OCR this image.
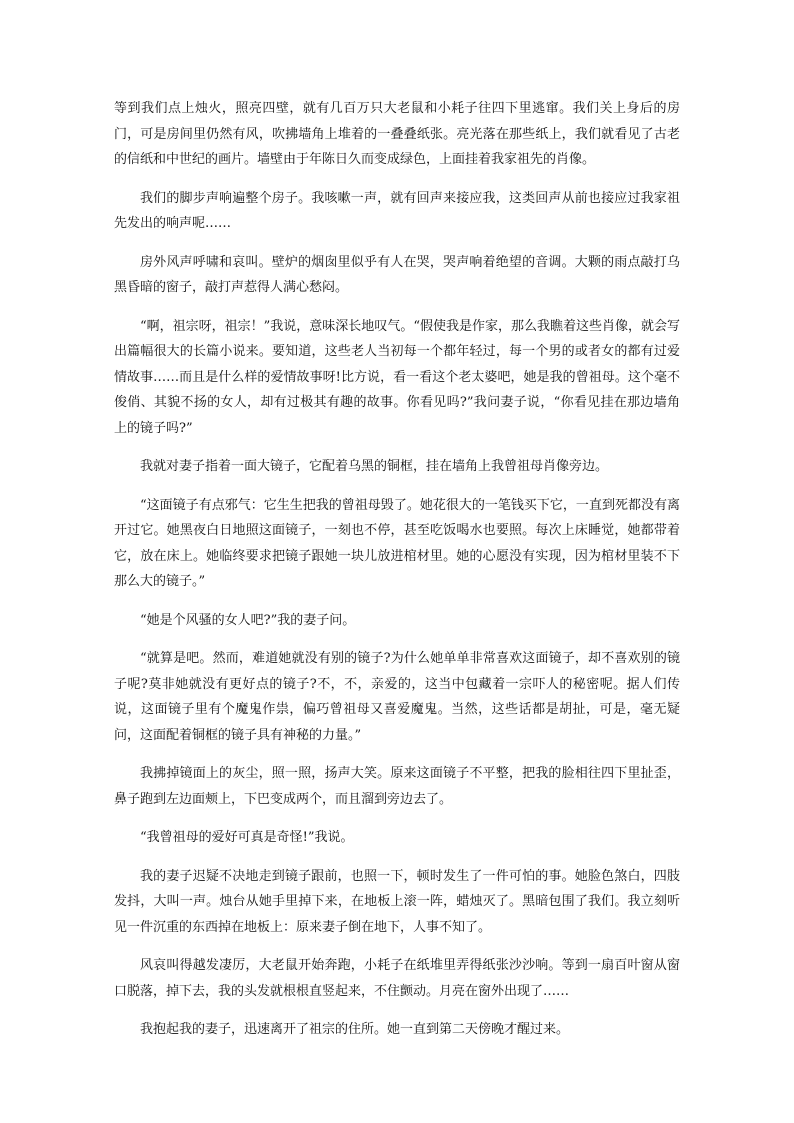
等到我们点上烛火，照亮四壁，就有几百万只大老鼠和小耗子往四下里逃窜。我们关上身后的房门，可是房间里仍然有风，吹拂墙角上堆着的一叠叠纸张。亮光落在那些纸上，我们就看见了古老的信纸和中世纪的画片。墙壁由于年陈日久而变成绿色，上面挂着我家祖先的肖像。

我们的脚步声响遍整个房子。我咳嗽一声，就有回声来接应我，这类回声从前也接应过我家祖先发出的响声呢……

房外风声呼啸和哀叫。壁炉的烟囱里似乎有人在哭，哭声响着绝望的音调。大颗的雨点敲打乌黑昏暗的窗子，敲打声惹得人满心愁闷。

“啊，祖宗呀，祖宗！”我说，意味深长地叹气。“假使我是作家，那么我瞧着这些肖像，就会写出篇幅很大的长篇小说来。要知道，这些老人当初每一个都年轻过，每一个男的或者女的都有过爱情故事……而且是什么样的爱情故事呀!比方说，看一看这个老太婆吧，她是我的曾祖母。这个毫不俊俏、其貌不扬的女人，却有过极其有趣的故事。你看见吗?”我问妻子说，“你看见挂在那边墙角上的镜子吗?”

我就对妻子指着一面大镜子，它配着乌黑的铜框，挂在墙角上我曾祖母肖像旁边。

“这面镜子有点邪气：它生生把我的曾祖母毁了。她花很大的一笔钱买下它，一直到死都没有离开过它。她黑夜白日地照这面镜子，一刻也不停，甚至吃饭喝水也要照。每次上床睡觉，她都带着它，放在床上。她临终要求把镜子跟她一块儿放进棺材里。她的心愿没有实现，因为棺材里装不下那么大的镜子。”

“她是个风骚的女人吧?”我的妻子问。

“就算是吧。然而，难道她就没有别的镜子?为什么她单单非常喜欢这面镜子，却不喜欢别的镜子呢?莫非她就没有更好点的镜子?不，不，亲爱的，这当中包藏着一宗吓人的秘密呢。据人们传说，这面镜子里有个魔鬼作祟，偏巧曾祖母又喜爱魔鬼。当然，这些话都是胡扯，可是，毫无疑问，这面配着铜框的镜子具有神秘的力量。”

我拂掉镜面上的灰尘，照一照，扬声大笑。原来这面镜子不平整，把我的脸相往四下里扯歪，鼻子跑到左边面颊上，下巴变成两个，而且溜到旁边去了。

“我曾祖母的爱好可真是奇怪!”我说。

我的妻子迟疑不决地走到镜子跟前，也照一下，顿时发生了一件可怕的事。她脸色煞白，四肢发抖，大叫一声。烛台从她手里掉下来，在地板上滚一阵，蜡烛灭了。黑暗包围了我们。我立刻听见一件沉重的东西掉在地板上：原来妻子倒在地下，人事不知了。

风哀叫得越发凄厉，大老鼠开始奔跑，小耗子在纸堆里弄得纸张沙沙响。等到一扇百叶窗从窗口脱落，掉下去，我的头发就根根直竖起来，不住颤动。月亮在窗外出现了……

我抱起我的妻子，迅速离开了祖宗的住所。她一直到第二天傍晚才醒过来。
